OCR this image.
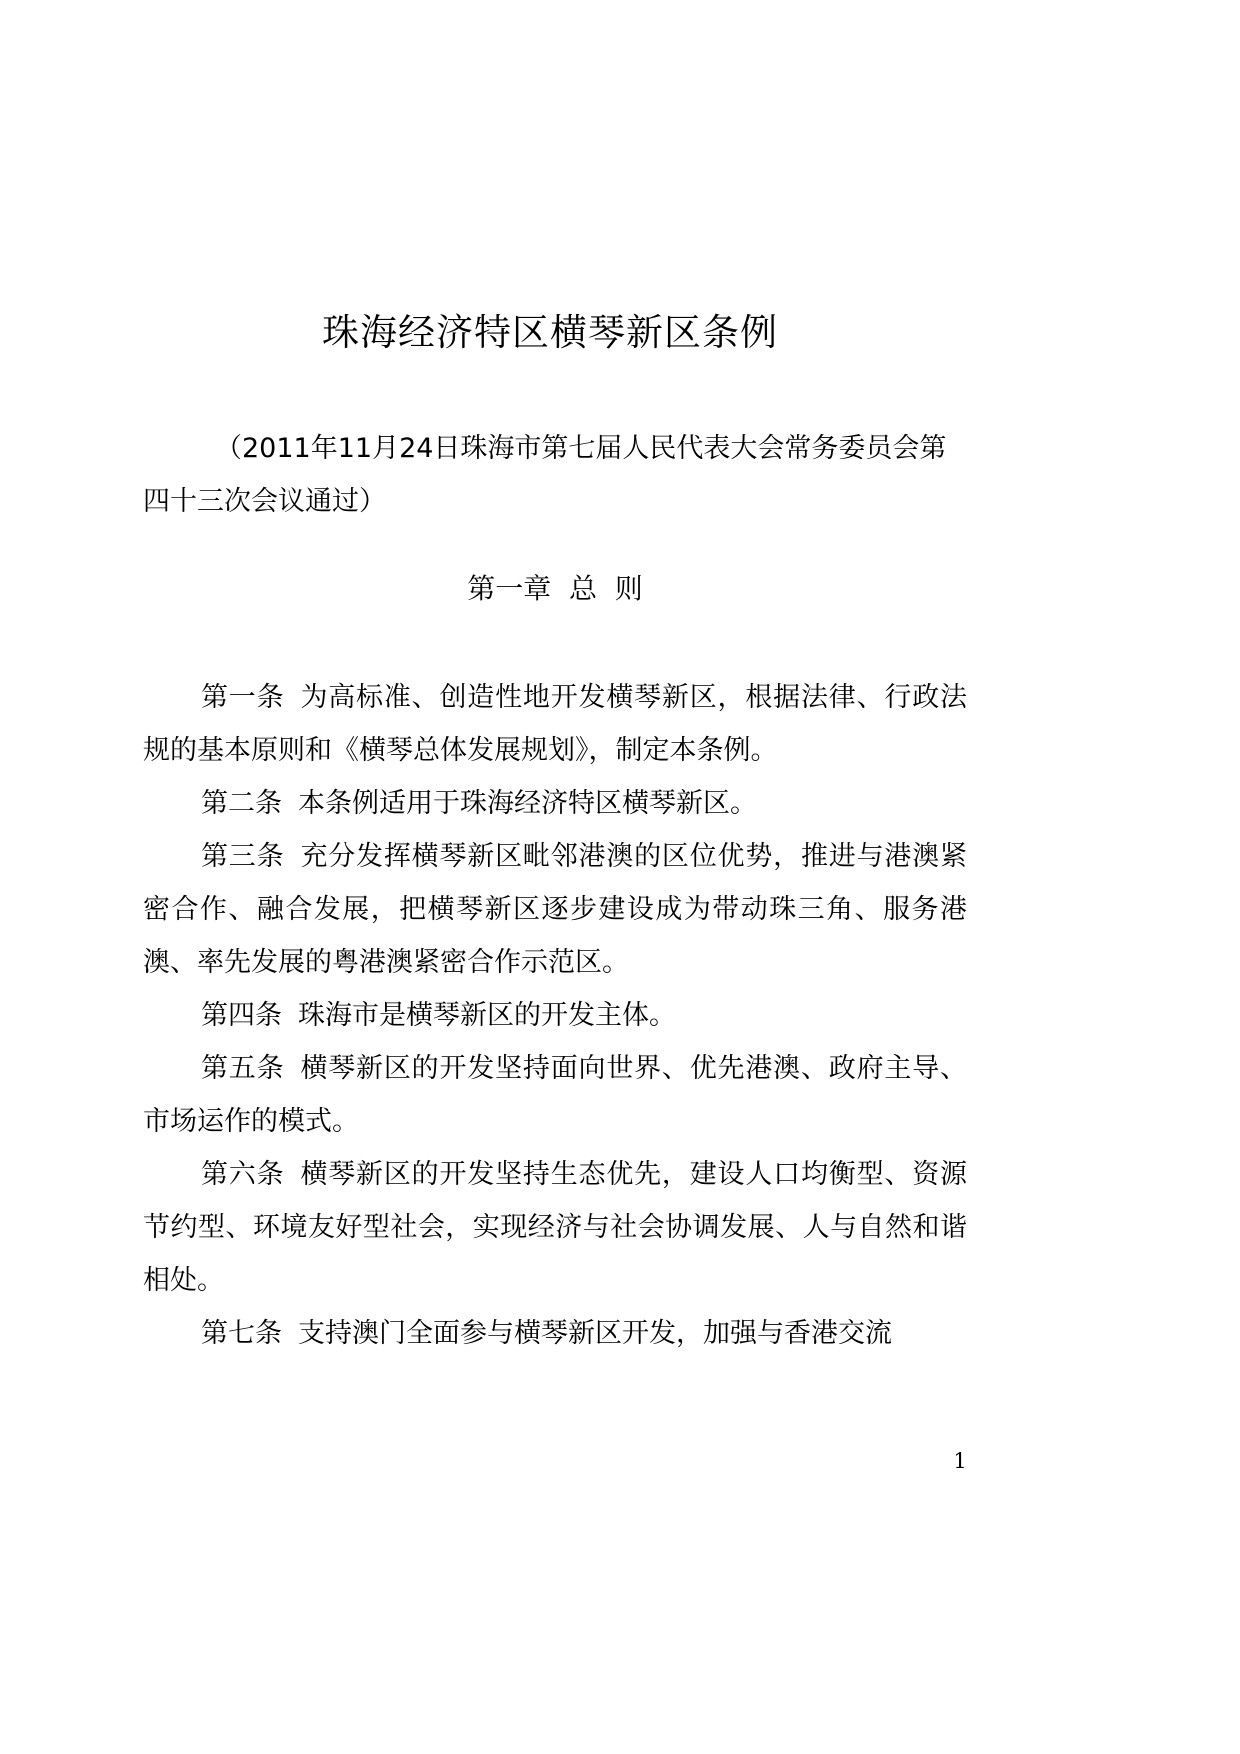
珠海经济特区横琴新区条例

（2011年11月24日珠海市第七届人民代表大会常务委员会第四十三次会议通过）

第一章  总  则

第一条 为高标准、创造性地开发横琴新区，根据法律、行政法规的基本原则和《横琴总体发展规划》，制定本条例。

第二条 本条例适用于珠海经济特区横琴新区。

第三条 充分发挥横琴新区毗邻港澳的区位优势，推进与港澳紧密合作、融合发展，把横琴新区逐步建设成为带动珠三角、服务港澳、率先发展的粤港澳紧密合作示范区。

第四条 珠海市是横琴新区的开发主体。

第五条 横琴新区的开发坚持面向世界、优先港澳、政府主导、市场运作的模式。

第六条 横琴新区的开发坚持生态优先，建设人口均衡型、资源节约型、环境友好型社会，实现经济与社会协调发展、人与自然和谐相处。

第七条 支持澳门全面参与横琴新区开发，加强与香港交流

1
